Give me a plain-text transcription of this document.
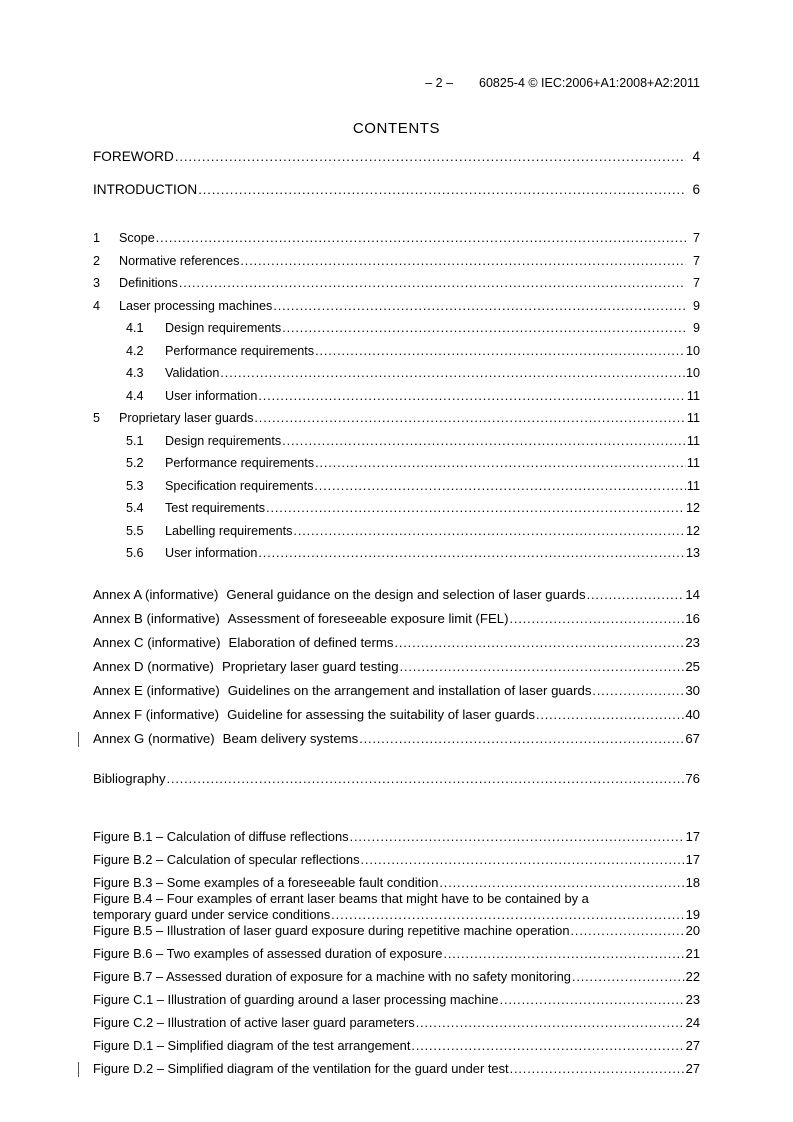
– 2 – 60825-4 © IEC:2006+A1:2008+A2:2011
CONTENTS
FOREWORD .....	4
INTRODUCTION .....	6
1	Scope .....	7
2	Normative references .....	7
3	Definitions .....	7
4	Laser processing machines .....	9
4.1	Design requirements .....	9
4.2	Performance requirements .....	10
4.3	Validation .....	10
4.4	User information .....	11
5	Proprietary laser guards .....	11
5.1	Design requirements .....	11
5.2	Performance requirements .....	11
5.3	Specification requirements .....	11
5.4	Test requirements .....	12
5.5	Labelling requirements .....	12
5.6	User information .....	13
Annex A (informative) General guidance on the design and selection of laser guards .....	14
Annex B (informative) Assessment of foreseeable exposure limit (FEL) .....	16
Annex C (informative) Elaboration of defined terms .....	23
Annex D (normative) Proprietary laser guard testing .....	25
Annex E (informative) Guidelines on the arrangement and installation of laser guards .....	30
Annex F (informative) Guideline for assessing the suitability of laser guards .....	40
Annex G (normative) Beam delivery systems .....	67
Bibliography .....	76
Figure B.1 – Calculation of diffuse reflections .....	17
Figure B.2 – Calculation of specular reflections .....	17
Figure B.3 – Some examples of a foreseeable fault condition .....	18
Figure B.4 – Four examples of errant laser beams that might have to be contained by a
temporary guard under service conditions .....	19
Figure B.5 – Illustration of laser guard exposure during repetitive machine operation .....	20
Figure B.6 – Two examples of assessed duration of exposure .....	21
Figure B.7 – Assessed duration of exposure for a machine with no safety monitoring .....	22
Figure C.1 – Illustration of guarding around a laser processing machine .....	23
Figure C.2 – Illustration of active laser guard parameters .....	24
Figure D.1 – Simplified diagram of the test arrangement .....	27
Figure D.2 – Simplified diagram of the ventilation for the guard under test .....	27
